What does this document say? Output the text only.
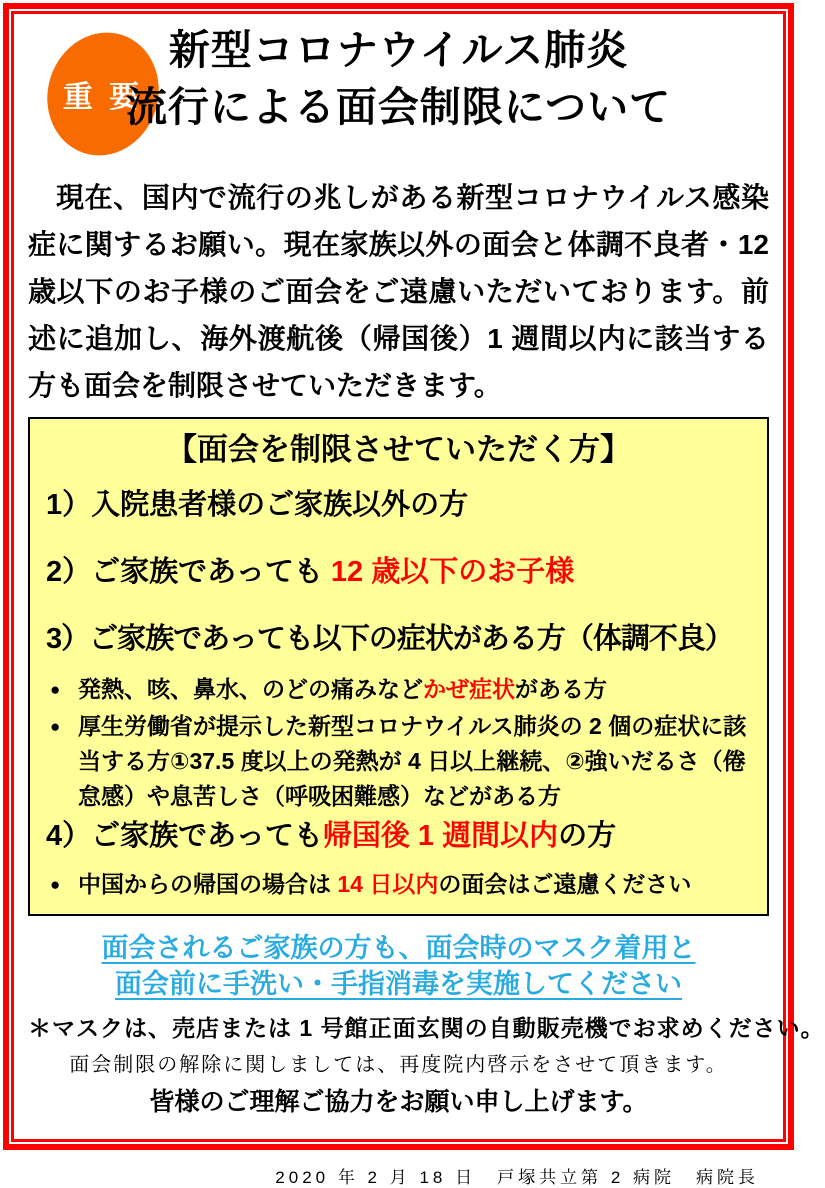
重 要
新型コロナウイルス肺炎
流行による面会制限について

現在、国内で流行の兆しがある新型コロナウイルス感染症に関するお願い。現在家族以外の面会と体調不良者・12 歳以下のお子様のご面会をご遠慮いただいております。前述に追加し、海外渡航後（帰国後）1 週間以内に該当する方も面会を制限させていただきます。

【面会を制限させていただく方】
1）入院患者様のご家族以外の方
2）ご家族であっても 12 歳以下のお子様
3）ご家族であっても以下の症状がある方（体調不良）
● 発熱、咳、鼻水、のどの痛みなどかぜ症状がある方
● 厚生労働省が提示した新型コロナウイルス肺炎の 2 個の症状に該当する方①37.5 度以上の発熱が 4 日以上継続、②強いだるさ（倦怠感）や息苦しさ（呼吸困難感）などがある方
4）ご家族であっても帰国後 1 週間以内の方
● 中国からの帰国の場合は 14 日以内の面会はご遠慮ください
面会されるご家族の方も、面会時のマスク着用と
面会前に手洗い・手指消毒を実施してください
＊マスクは、売店または 1 号館正面玄関の自動販売機でお求めください。
面会制限の解除に関しましては、再度院内啓示をさせて頂きます。
皆様のご理解ご協力をお願い申し上げます。
2020 年 2 月 18 日　戸塚共立第 2 病院　病院長
